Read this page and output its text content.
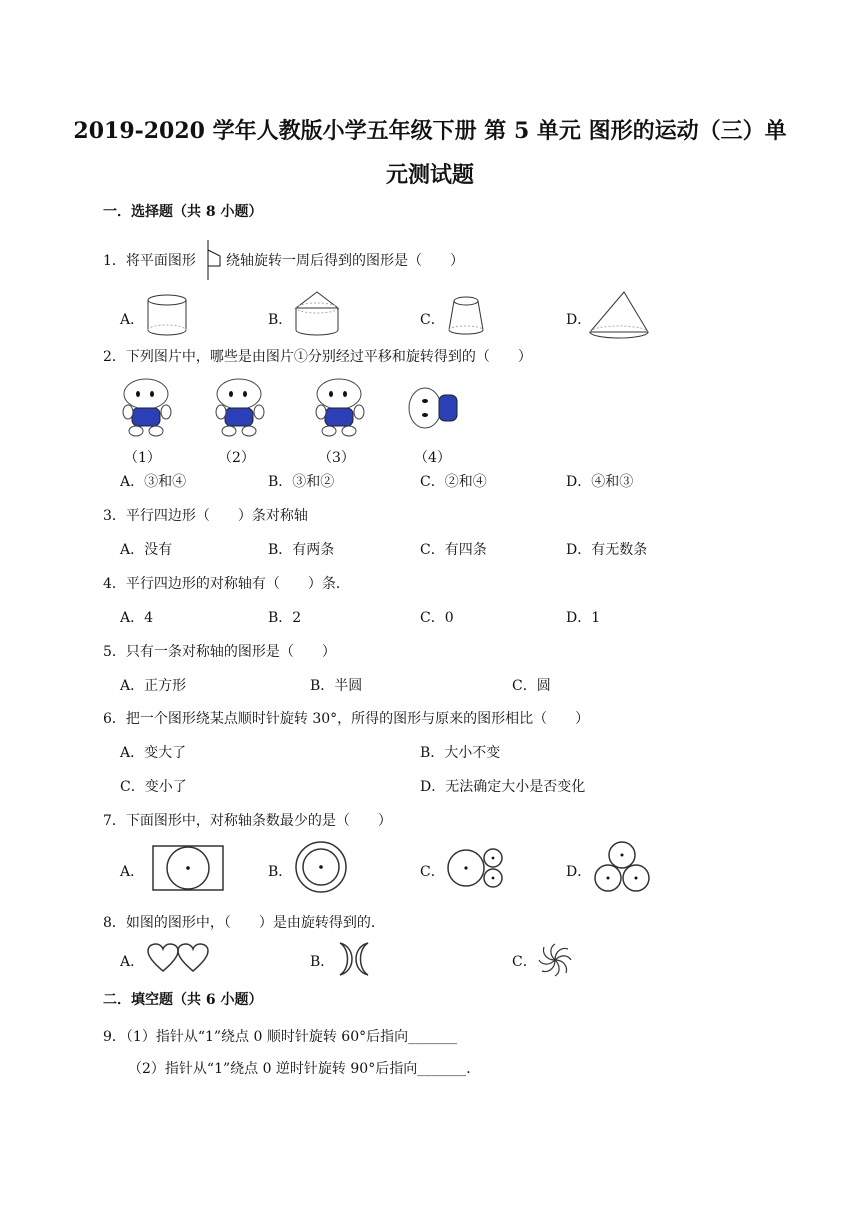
2019-2020 学年人教版小学五年级下册 第 5 单元 图形的运动（三）单
元测试题
一．选择题（共 8 小题）
1．将平面图形 绕轴旋转一周后得到的图形是（　　）
A．	B．	C．	D．
2．下列图片中，哪些是由图片①分别经过平移和旋转得到的（　　）
（1）	（2）	（3）	（4）
A．③和④	B．③和②	C．②和④	D．④和③
3．平行四边形（　　）条对称轴
A．没有	B．有两条	C．有四条	D．有无数条
4．平行四边形的对称轴有（　　）条．
A．4	B．2	C．0	D．1
5．只有一条对称轴的图形是（　　）
A．正方形	B．半圆	C．圆
6．把一个图形绕某点顺时针旋转 30°，所得的图形与原来的图形相比（　　）
A．变大了	B．大小不变
C．变小了	D．无法确定大小是否变化
7．下面图形中，对称轴条数最少的是（　　）
A．	B．	C．	D．
8．如图的图形中，（　　）是由旋转得到的．
A．	B．	C．
二．填空题（共 6 小题）
9．（1）指针从“1”绕点 0 顺时针旋转 60°后指向_______
（2）指针从“1”绕点 0 逆时针旋转 90°后指向_______．
